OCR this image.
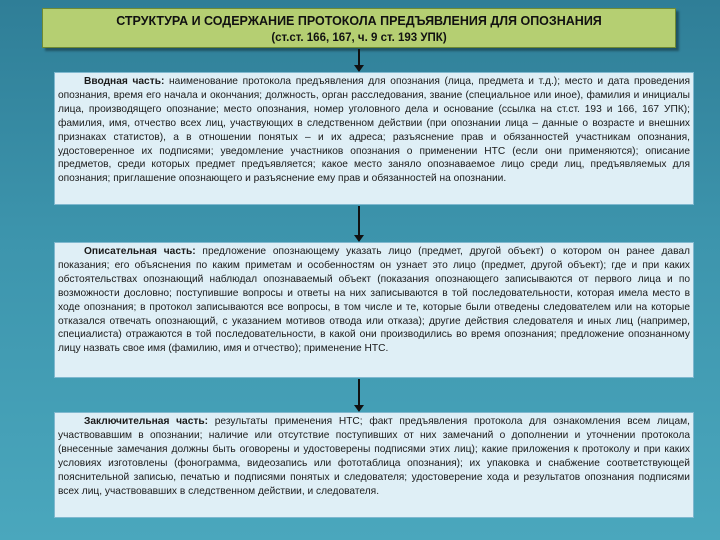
СТРУКТУРА И СОДЕРЖАНИЕ ПРОТОКОЛА ПРЕДЪЯВЛЕНИЯ ДЛЯ ОПОЗНАНИЯ
(ст.ст. 166, 167, ч. 9 ст. 193 УПК)

Вводная часть: наименование протокола предъявления для опознания (лица, предмета и т.д.); место и дата проведения опознания, время его начала и окончания; должность, орган расследования, звание (специальное или иное), фамилия и инициалы лица, производящего опознание; место опознания, номер уголовного дела и основание (ссылка на ст.ст. 193 и 166, 167 УПК); фамилия, имя, отчество всех лиц, участвующих в следственном действии (при опознании лица – данные о возрасте и внешних признаках статистов), а в отношении понятых – и их адреса; разъяснение прав и обязанностей участникам опознания, удостоверенное их подписями; уведомление участников опознания о применении НТС (если они применяются); описание предметов, среди которых предмет предъявляется; какое место заняло опознаваемое лицо среди лиц, предъявляемых для опознания; приглашение опознающего и разъяснение ему прав и обязанностей на опознании.

Описательная часть: предложение опознающему указать лицо (предмет, другой объект) о котором он ранее давал показания; его объяснения по каким приметам и особенностям он узнает это лицо (предмет, другой объект); где и при каких обстоятельствах опознающий наблюдал опознаваемый объект (показания опознающего записываются от первого лица и по возможности дословно; поступившие вопросы и ответы на них записываются в той последовательности, которая имела место в ходе опознания; в протокол записываются все вопросы, в том числе и те, которые были отведены следователем или на которые отказался отвечать опознающий, с указанием мотивов отвода или отказа); другие действия следователя и иных лиц (например, специалиста) отражаются в той последовательности, в какой они производились во время опознания; предложение опознанному лицу назвать свое имя (фамилию, имя и отчество); применение НТС.

Заключительная часть: результаты применения НТС; факт предъявления протокола для ознакомления всем лицам, участвовавшим в опознании; наличие или отсутствие поступивших от них замечаний о дополнении и уточнении протокола (внесенные замечания должны быть оговорены и удостоверены подписями этих лиц); какие приложения к протоколу и при каких условиях изготовлены (фонограмма, видеозапись или фототаблица опознания); их упаковка и снабжение соответствующей пояснительной записью, печатью и подписями понятых и следователя; удостоверение хода и результатов опознания подписями всех лиц, участвовавших в следственном действии, и следователя.
